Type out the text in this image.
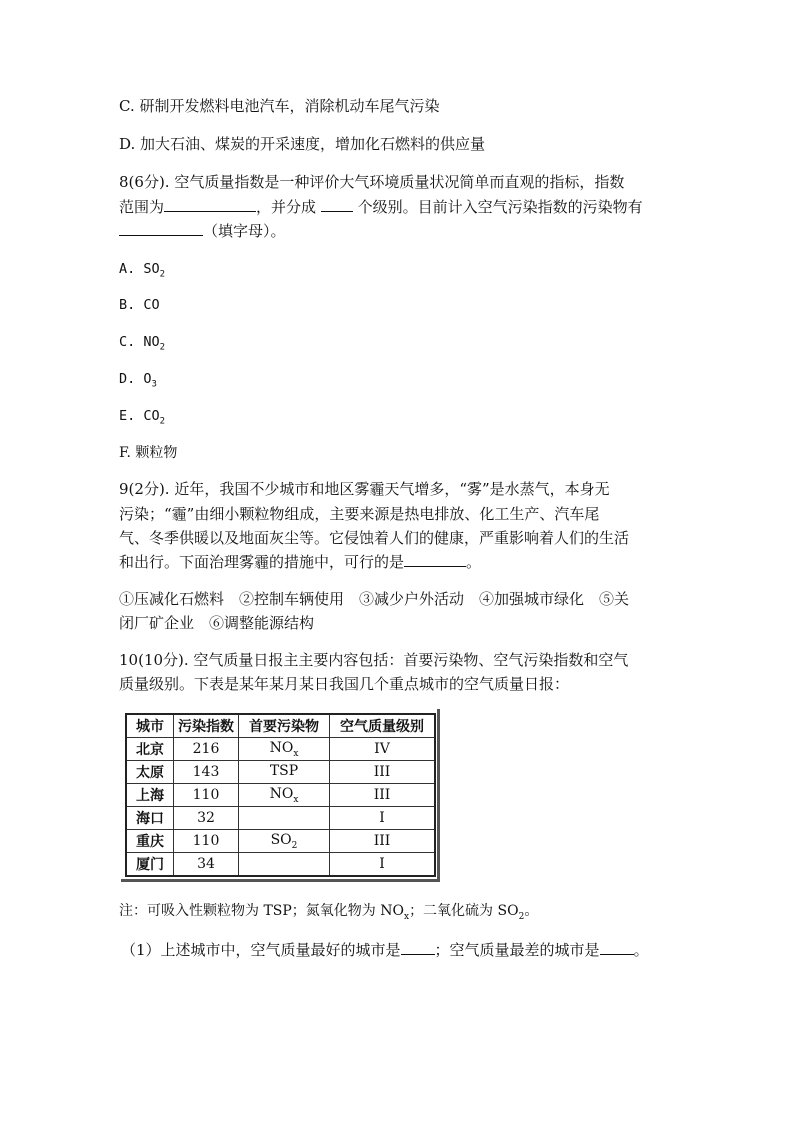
C. 研制开发燃料电池汽车，消除机动车尾气污染
D. 加大石油、煤炭的开采速度，增加化石燃料的供应量
8(6分). 空气质量指数是一种评价大气环境质量状况简单而直观的指标，指数
范围为	，并分成	个级别。目前计入空气污染指数的污染物有
（填字母）。
A. $SO_2$
B. CO
C. $NO_2$
D. $O_3$
E. $CO_2$
F. 颗粒物
9(2分). 近年，我国不少城市和地区雾霾天气增多，“雾”是水蒸气，本身无
污染；“霾”由细小颗粒物组成，主要来源是热电排放、化工生产、汽车尾
气、冬季供暖以及地面灰尘等。它侵蚀着人们的健康，严重影响着人们的生活
和出行。下面治理雾霾的措施中，可行的是	。
①压减化石燃料　②控制车辆使用　③减少户外活动　④加强城市绿化　⑤关
闭厂矿企业　⑥调整能源结构
10(10分). 空气质量日报主主要内容包括：首要污染物、空气污染指数和空气
质量级别。下表是某年某月某日我国几个重点城市的空气质量日报：
城市	污染指数	首要污染物	空气质量级别
北京	216	$NO_x$	IV
太原	143	TSP	III
上海	110	$NO_x$	III
海口	32		I
重庆	110	$SO_2$	III
厦门	34		I
注：可吸入性颗粒物为 TSP；氮氧化物为 $NO_x$；二氧化硫为 $SO_2$。
（1）上述城市中，空气质量最好的城市是 ；空气质量最差的城市是 。
